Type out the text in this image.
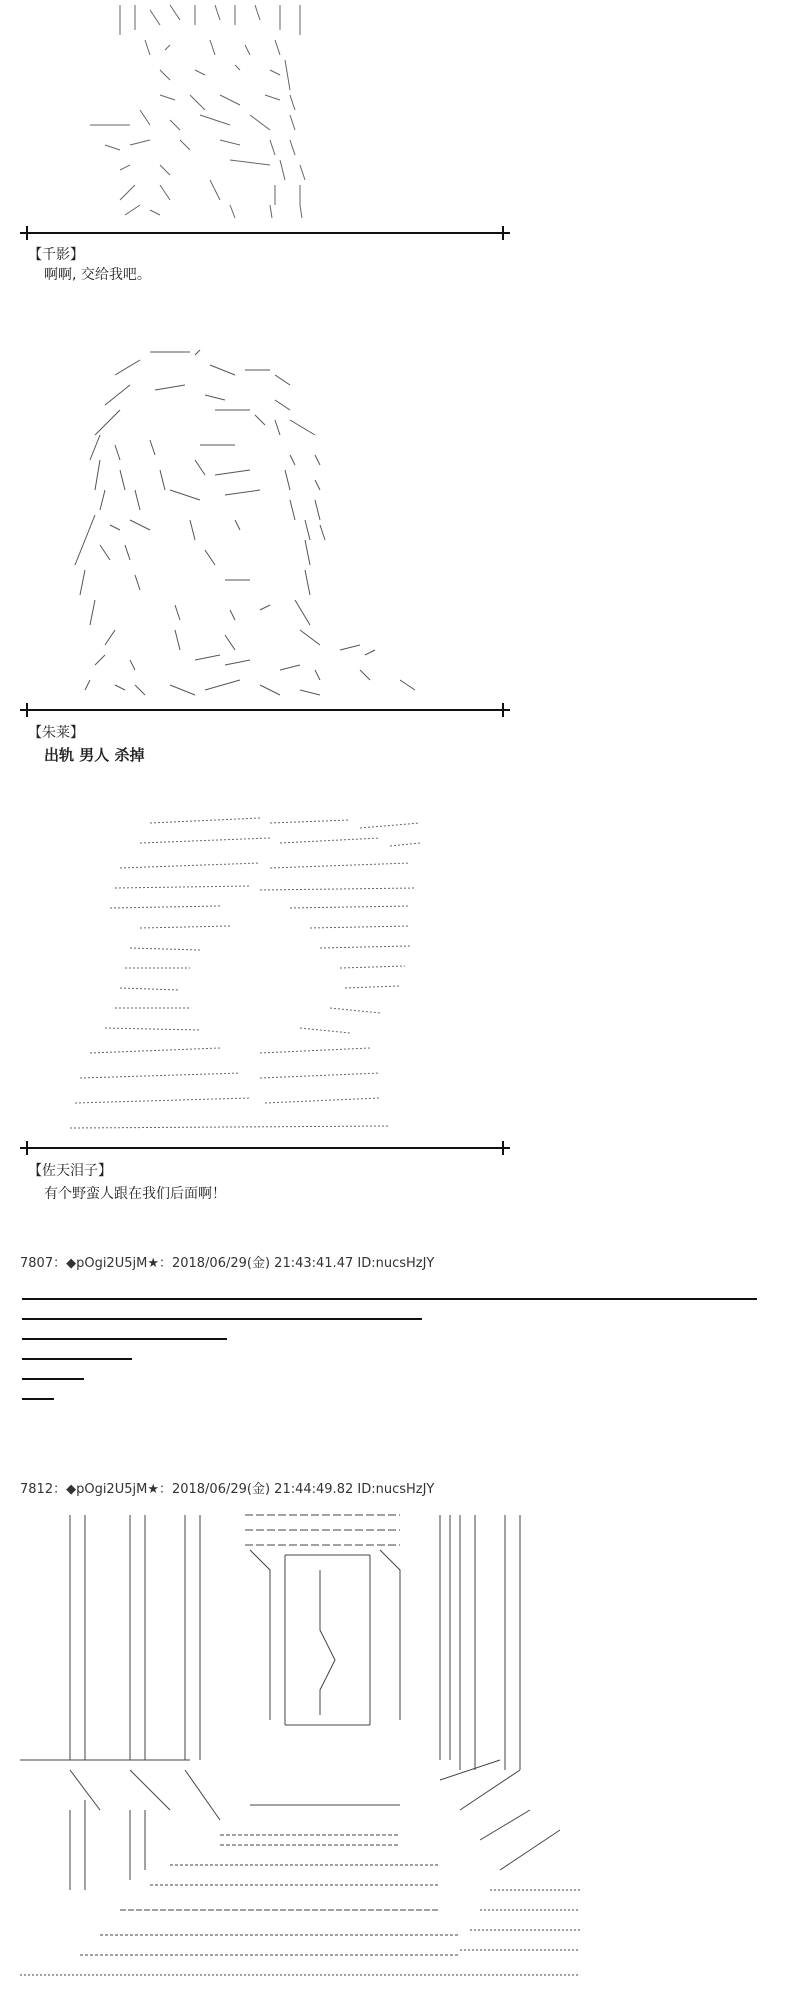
【千影】
啊啊, 交给我吧。
【朱莱】
出轨 男人 杀掉
【佐天泪子】
有个野蛮人跟在我们后面啊！
7807：◆pOgi2U5jM★：2018/06/29(金) 21:43:41.47 ID:nucsHzJY
7812：◆pOgi2U5jM★：2018/06/29(金) 21:44:49.82 ID:nucsHzJY
